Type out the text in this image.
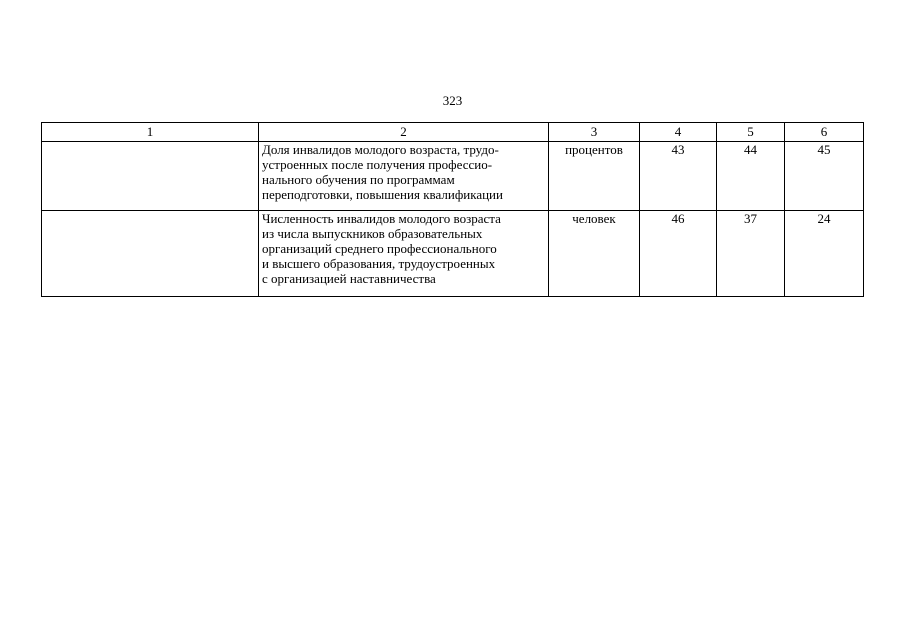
323
1	2	3	4	5	6

	Доля инвалидов молодого возраста, трудо-
устроенных после получения профессио-
нального обучения по программам
переподготовки, повышения квалификации	процентов	43	44	45

	Численность инвалидов молодого возраста
из числа выпускников образовательных
организаций среднего профессионального
и высшего образования, трудоустроенных
с организацией наставничества	человек	46	37	24
